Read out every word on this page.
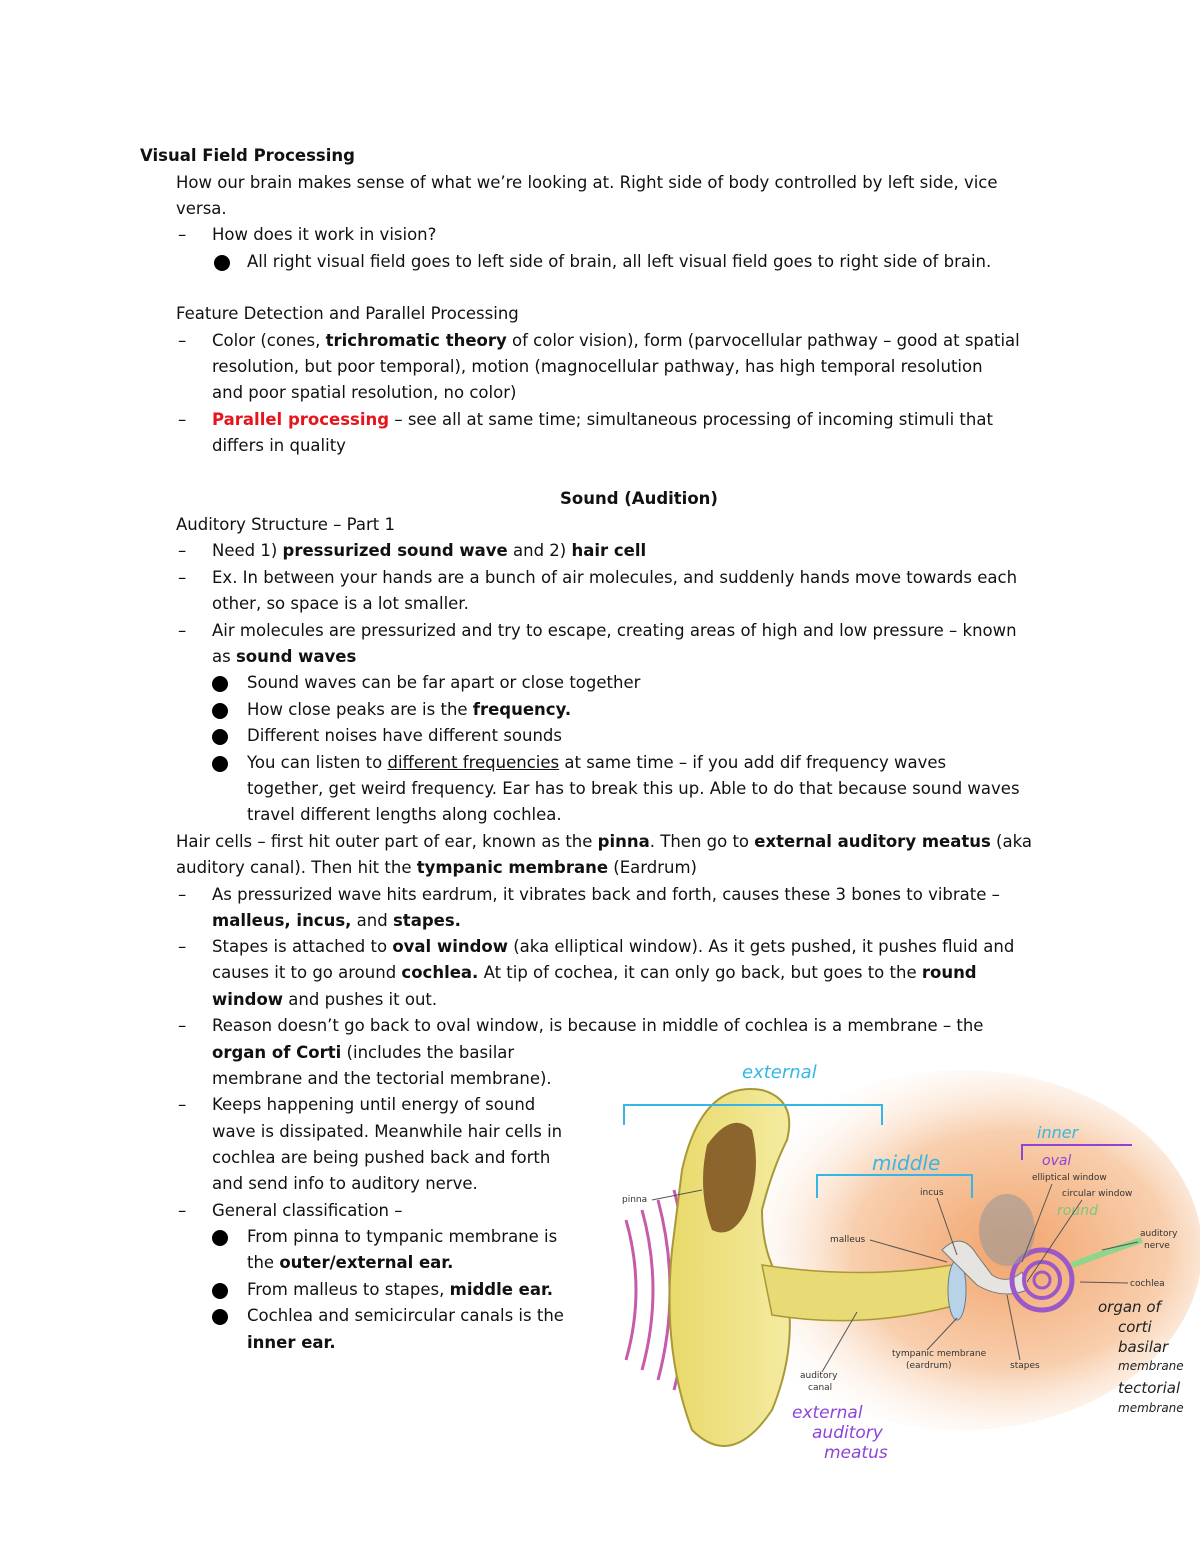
Visual Field Processing
How our brain makes sense of what we’re looking at. Right side of body controlled by left side, vice
versa.
– How does it work in vision?
All right visual field goes to left side of brain, all left visual field goes to right side of brain.
Feature Detection and Parallel Processing
– Color (cones, trichromatic theory of color vision), form (parvocellular pathway – good at spatial
resolution, but poor temporal), motion (magnocellular pathway, has high temporal resolution
and poor spatial resolution, no color)
– Parallel processing – see all at same time; simultaneous processing of incoming stimuli that
differs in quality
Sound (Audition)
Auditory Structure – Part 1
– Need 1) pressurized sound wave and 2) hair cell
– Ex. In between your hands are a bunch of air molecules, and suddenly hands move towards each
other, so space is a lot smaller.
– Air molecules are pressurized and try to escape, creating areas of high and low pressure – known
as sound waves
Sound waves can be far apart or close together
How close peaks are is the frequency.
Different noises have different sounds
You can listen to different frequencies at same time – if you add dif frequency waves
together, get weird frequency. Ear has to break this up. Able to do that because sound waves
travel different lengths along cochlea.
Hair cells – first hit outer part of ear, known as the pinna. Then go to external auditory meatus (aka
auditory canal). Then hit the tympanic membrane (Eardrum)
– As pressurized wave hits eardrum, it vibrates back and forth, causes these 3 bones to vibrate –
malleus, incus, and stapes.
– Stapes is attached to oval window (aka elliptical window). As it gets pushed, it pushes fluid and
causes it to go around cochlea. At tip of cochea, it can only go back, but goes to the round
window and pushes it out.
– Reason doesn’t go back to oval window, is because in middle of cochlea is a membrane – the
organ of Corti (includes the basilar
membrane and the tectorial membrane).
– Keeps happening until energy of sound
wave is dissipated. Meanwhile hair cells in
cochlea are being pushed back and forth
and send info to auditory nerve.
– General classification –
From pinna to tympanic membrane is
the outer/external ear.
From malleus to stapes, middle ear.
Cochlea and semicircular canals is the
inner ear.
external
middle
inner
oval
round
organ of
corti
basilar
membrane
tectorial
membrane
external
auditory
meatus
pinna
incus
malleus
elliptical window
circular window
auditory
nerve
cochlea
auditory
canal
tympanic membrane
(eardrum)	stapes
